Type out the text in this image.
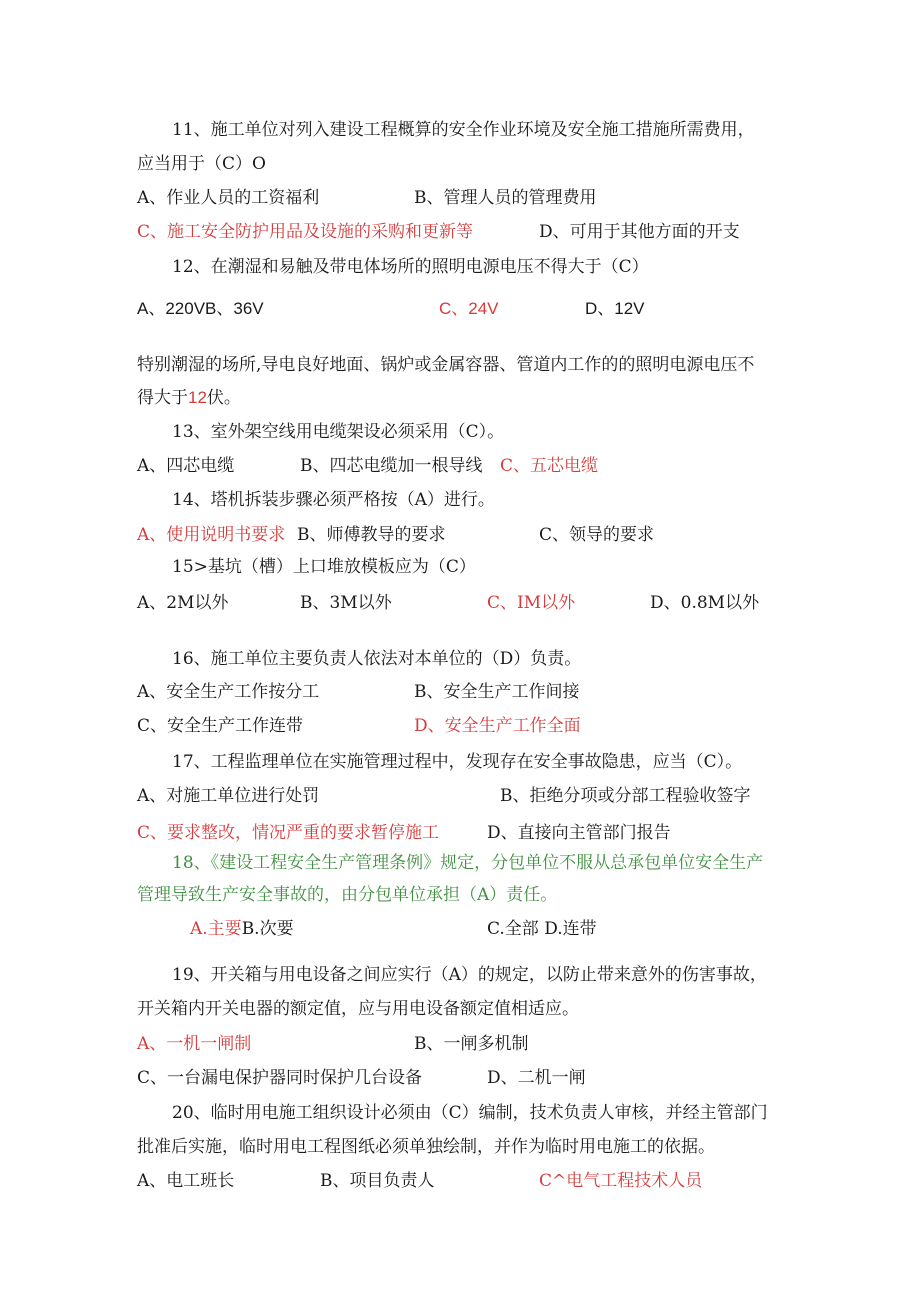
11、施工单位对列入建设工程概算的安全作业环境及安全施工措施所需费用，
应当用于（C）O
A、作业人员的工资福利	B、管理人员的管理费用
C、施工安全防护用品及设施的采购和更新等	D、可用于其他方面的开支
12、在潮湿和易触及带电体场所的照明电源电压不得大于（C）
A、220VB、36V	C、24V	D、12V
特别潮湿的场所,导电良好地面、锅炉或金属容器、管道内工作的的照明电源电压不
得大于12伏。
13、室外架空线用电缆架设必须采用（C）。
A、四芯电缆	B、四芯电缆加一根导线 C、五芯电缆
14、塔机拆装步骤必须严格按（A）进行。
A、使用说明书要求 B、师傅教导的要求	C、领导的要求
15>基坑（槽）上口堆放模板应为（C）
A、2M以外	B、3M以外	C、IM以外	D、0.8M以外
16、施工单位主要负责人依法对本单位的（D）负责。
A、安全生产工作按分工	B、安全生产工作间接
C、安全生产工作连带	D、安全生产工作全面
17、工程监理单位在实施管理过程中，发现存在安全事故隐患，应当（C）。
A、对施工单位进行处罚	B、拒绝分项或分部工程验收签字
C、要求整改，情况严重的要求暂停施工	D、直接向主管部门报告
18、《建设工程安全生产管理条例》规定，分包单位不服从总承包单位安全生产
管理导致生产安全事故的，由分包单位承担（A）责任。
A.主要B.次要	C.全部 D.连带
19、开关箱与用电设备之间应实行（A）的规定，以防止带来意外的伤害事故，
开关箱内开关电器的额定值，应与用电设备额定值相适应。
A、一机一闸制	B、一闸多机制
C、一台漏电保护器同时保护几台设备	D、二机一闸
20、临时用电施工组织设计必须由（C）编制，技术负责人审核，并经主管部门
批准后实施，临时用电工程图纸必须单独绘制，并作为临时用电施工的依据。
A、电工班长	B、项目负责人	C^电气工程技术人员
